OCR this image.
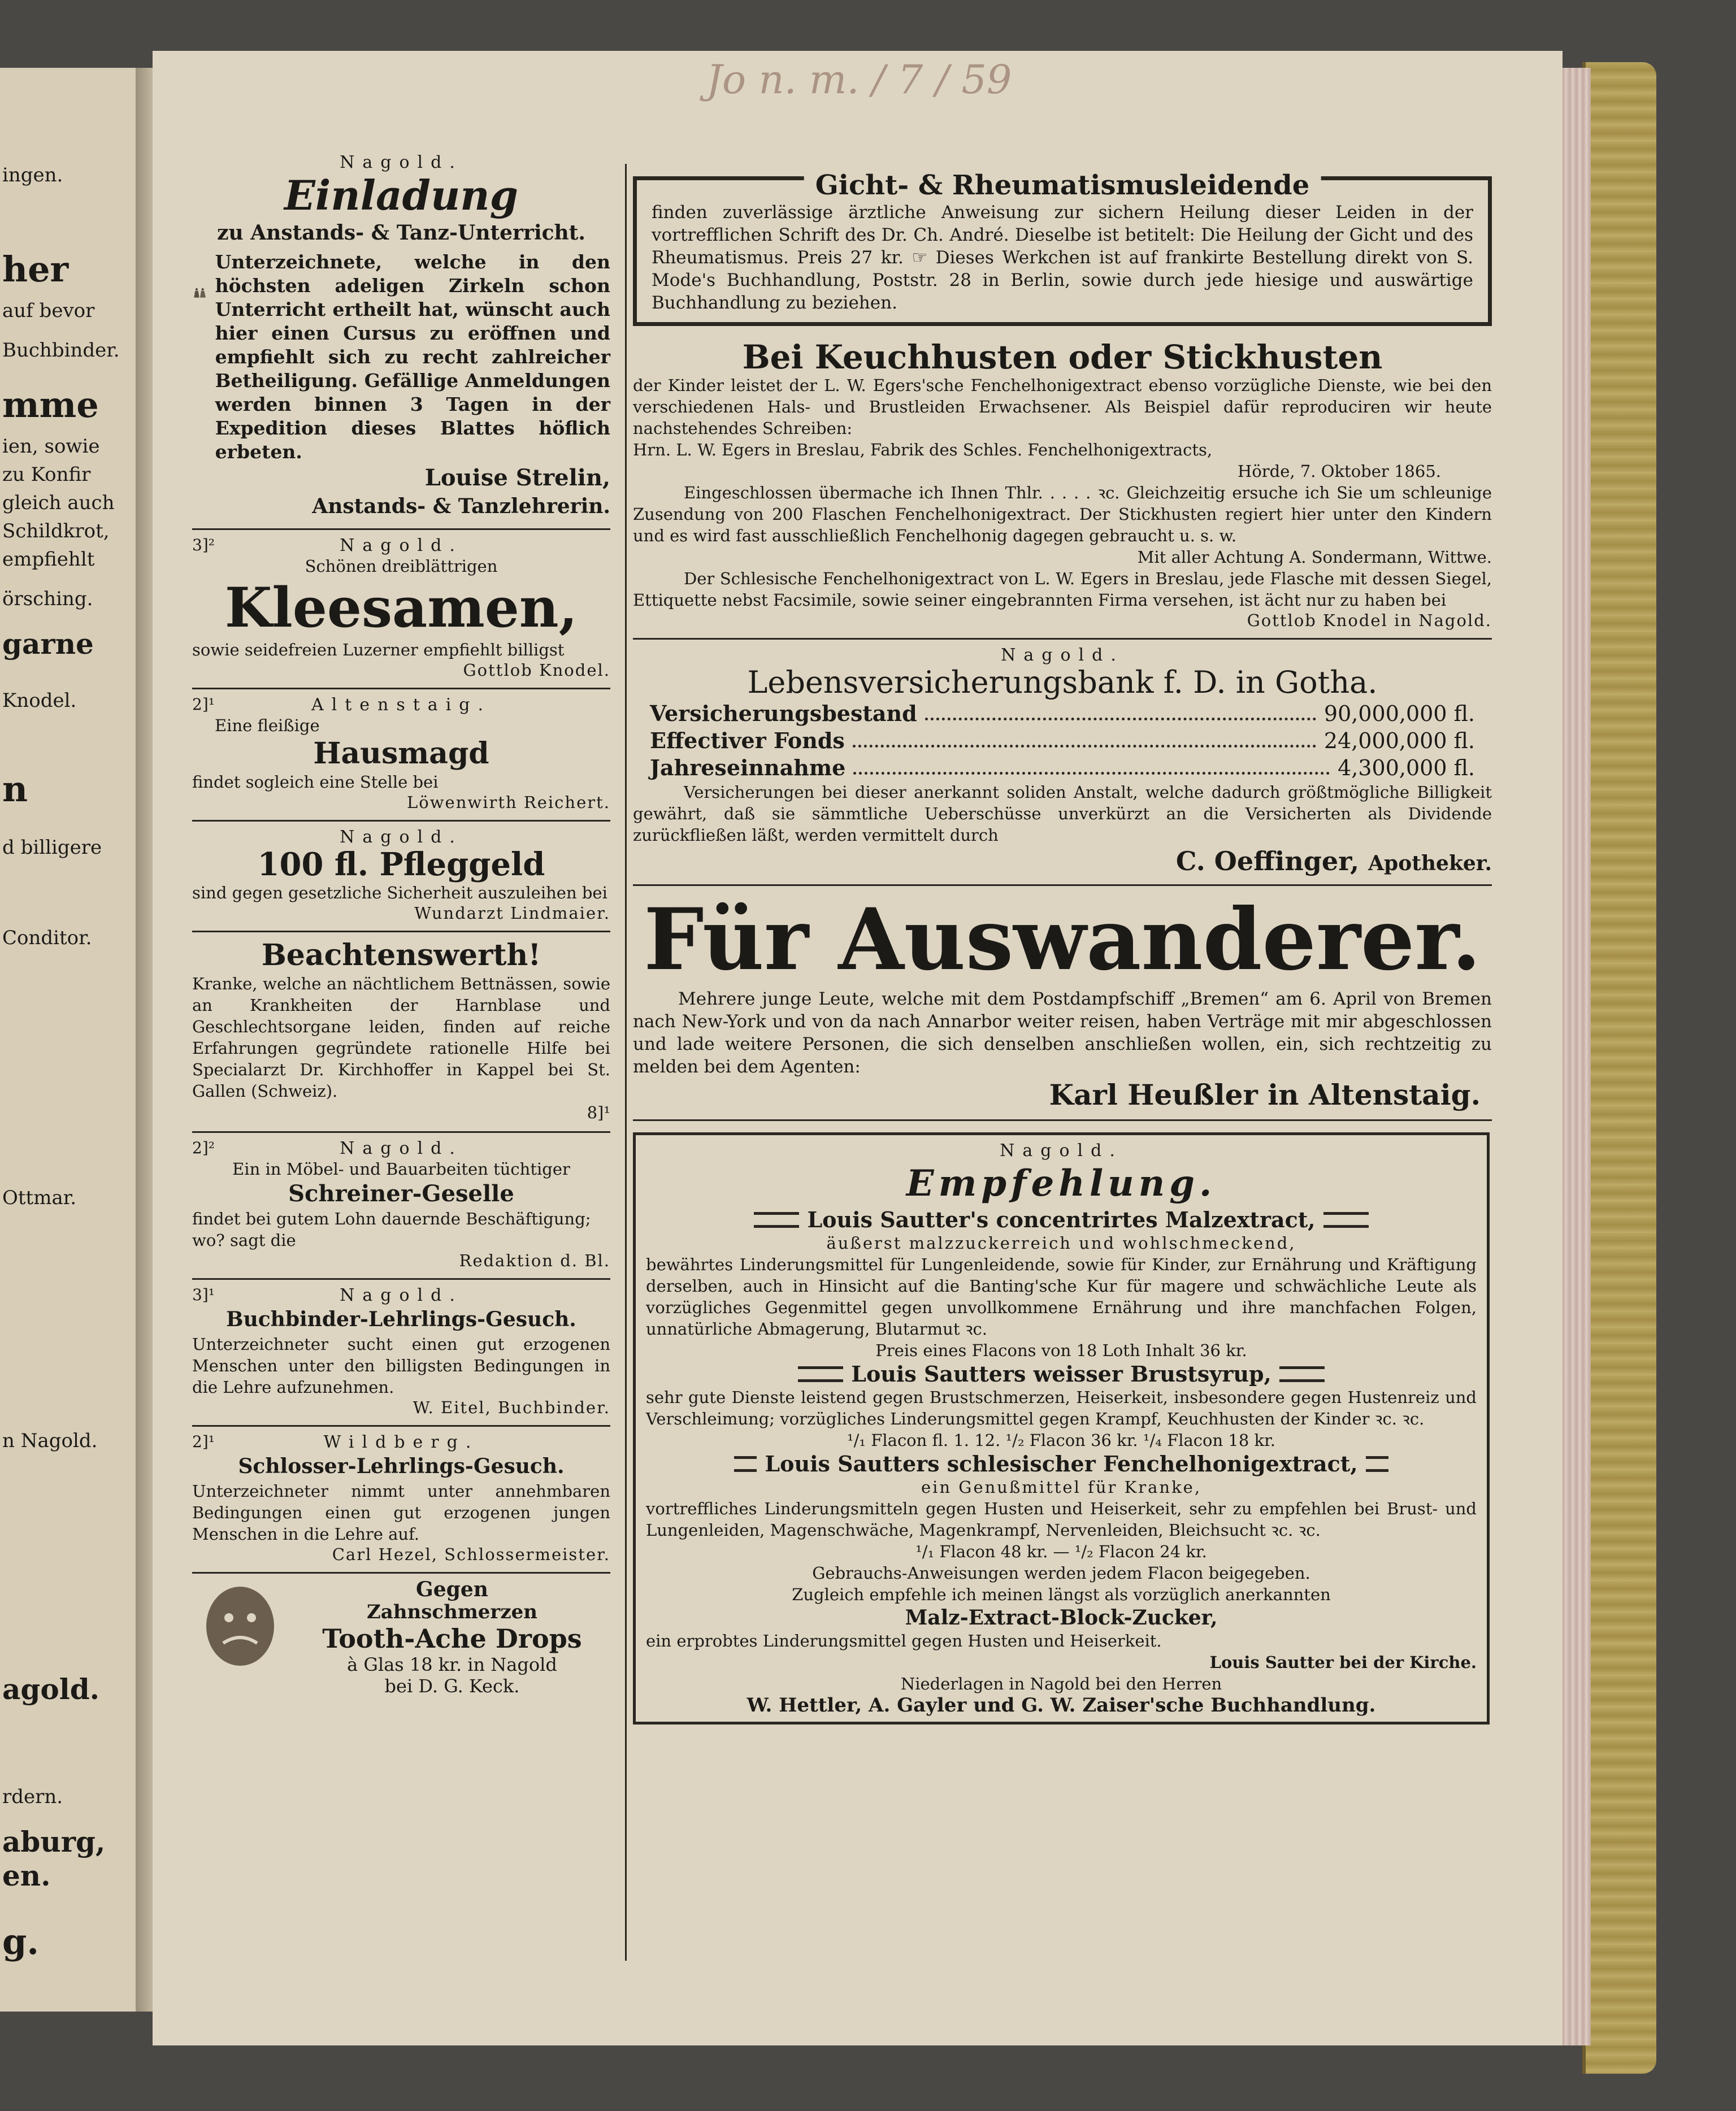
ingen.
her
auf bevor
Buchbinder.
mme
ien, sowie
zu Konfir
gleich auch
Schildkrot,
empfiehlt
örsching.
garne
Knodel.
n
d billigere
Conditor.
Ottmar.
n Nagold.
agold.
rdern.
aburg,
en.
g.
Jo n. m. / 7 / 59
Nagold.
Einladung
zu Anstands- & Tanz-Unterricht.
Unterzeichnete, welche in den höchsten adeligen Zirkeln schon Unterricht ertheilt hat, wünscht auch hier einen Cursus zu eröffnen und empfiehlt sich zu recht zahlreicher Betheiligung. Gefällige Anmeldungen werden binnen 3 Tagen in der Expedition dieses Blattes höflich erbeten.
Louise Strelin,
Anstands- & Tanzlehrerin.
3]²	Nagold.
Schönen dreiblättrigen
Kleesamen,
sowie seidefreien Luzerner empfiehlt billigst
Gottlob Knodel.
2]¹	Altenstaig.
Eine fleißige
Hausmagd
findet sogleich eine Stelle bei
Löwenwirth Reichert.
Nagold.
100 fl. Pfleggeld
sind gegen gesetzliche Sicherheit auszuleihen bei
Wundarzt Lindmaier.
Beachtenswerth!
Kranke, welche an nächtlichem Bettnässen, sowie an Krankheiten der Harnblase und Geschlechtsorgane leiden, finden auf reiche Erfahrungen gegründete rationelle Hilfe bei Specialarzt Dr. Kirchhoffer in Kappel bei St. Gallen (Schweiz).
8]¹
2]²	Nagold.
Ein in Möbel- und Bauarbeiten tüchtiger
Schreiner-Geselle
findet bei gutem Lohn dauernde Beschäftigung; wo? sagt die
Redaktion d. Bl.
3]¹	Nagold.
Buchbinder-Lehrlings-Gesuch.
Unterzeichneter sucht einen gut erzogenen Menschen unter den billigsten Bedingungen in die Lehre aufzunehmen.
W. Eitel, Buchbinder.
2]¹	Wildberg.
Schlosser-Lehrlings-Gesuch.
Unterzeichneter nimmt unter annehmbaren Bedingungen einen gut erzogenen jungen Menschen in die Lehre auf.
Carl Hezel, Schlossermeister.
Gegen
Zahnschmerzen
Tooth-Ache Drops
à Glas 18 kr. in Nagold
bei D. G. Keck.
Gicht- & Rheumatismusleidende
finden zuverlässige ärztliche Anweisung zur sichern Heilung dieser Leiden in der vortrefflichen Schrift des Dr. Ch. André. Dieselbe ist betitelt: Die Heilung der Gicht und des Rheumatismus. Preis 27 kr. ☞ Dieses Werkchen ist auf frankirte Bestellung direkt von S. Mode's Buchhandlung, Poststr. 28 in Berlin, sowie durch jede hiesige und auswärtige Buchhandlung zu beziehen.
Bei Keuchhusten oder Stickhusten
der Kinder leistet der L. W. Egers'sche Fenchelhonigextract ebenso vorzügliche Dienste, wie bei den verschiedenen Hals- und Brustleiden Erwachsener. Als Beispiel dafür reproduciren wir heute nachstehendes Schreiben:
Hrn. L. W. Egers in Breslau, Fabrik des Schles. Fenchelhonigextracts,
Hörde, 7. Oktober 1865.
Eingeschlossen übermache ich Ihnen Thlr. . . . . ꝛc. Gleichzeitig ersuche ich Sie um schleunige Zusendung von 200 Flaschen Fenchelhonigextract. Der Stickhusten regiert hier unter den Kindern und es wird fast ausschließlich Fenchelhonig dagegen gebraucht u. s. w.
Mit aller Achtung A. Sondermann, Wittwe.
Der Schlesische Fenchelhonigextract von L. W. Egers in Breslau, jede Flasche mit dessen Siegel, Ettiquette nebst Facsimile, sowie seiner eingebrannten Firma versehen, ist ächt nur zu haben bei
Gottlob Knodel in Nagold.
Nagold.
Lebensversicherungsbank f. D. in Gotha.
Versicherungsbestand	90,000,000 fl.
Effectiver Fonds	24,000,000 fl.
Jahreseinnahme	4,300,000 fl.
Versicherungen bei dieser anerkannt soliden Anstalt, welche dadurch größtmögliche Billigkeit gewährt, daß sie sämmtliche Ueberschüsse unverkürzt an die Versicherten als Dividende zurückfließen läßt, werden vermittelt durch
C. Oeffinger, Apotheker.
Für Auswanderer.
Mehrere junge Leute, welche mit dem Postdampfschiff „Bremen“ am 6. April von Bremen nach New-York und von da nach Annarbor weiter reisen, haben Verträge mit mir abgeschlossen und lade weitere Personen, die sich denselben anschließen wollen, ein, sich rechtzeitig zu melden bei dem Agenten:
Karl Heußler in Altenstaig.
Nagold.
Empfehlung.
Louis Sautter's concentrirtes Malzextract,
äußerst malzzuckerreich und wohlschmeckend,
bewährtes Linderungsmittel für Lungenleidende, sowie für Kinder, zur Ernährung und Kräftigung derselben, auch in Hinsicht auf die Banting'sche Kur für magere und schwächliche Leute als vorzügliches Gegenmittel gegen unvollkommene Ernährung und ihre manchfachen Folgen, unnatürliche Abmagerung, Blutarmut ꝛc.
Preis eines Flacons von 18 Loth Inhalt 36 kr.
Louis Sautters weisser Brustsyrup,
sehr gute Dienste leistend gegen Brustschmerzen, Heiserkeit, insbesondere gegen Hustenreiz und Verschleimung; vorzügliches Linderungsmittel gegen Krampf, Keuchhusten der Kinder ꝛc. ꝛc.
¹/₁ Flacon fl. 1. 12. ¹/₂ Flacon 36 kr. ¹/₄ Flacon 18 kr.
Louis Sautters schlesischer Fenchelhonigextract,
ein Genußmittel für Kranke,
vortreffliches Linderungsmitteln gegen Husten und Heiserkeit, sehr zu empfehlen bei Brust- und Lungenleiden, Magenschwäche, Magenkrampf, Nervenleiden, Bleichsucht ꝛc. ꝛc.
¹/₁ Flacon 48 kr. — ¹/₂ Flacon 24 kr.
Gebrauchs-Anweisungen werden jedem Flacon beigegeben.
Zugleich empfehle ich meinen längst als vorzüglich anerkannten
Malz-Extract-Block-Zucker,
ein erprobtes Linderungsmittel gegen Husten und Heiserkeit.
Louis Sautter bei der Kirche.
Niederlagen in Nagold bei den Herren
W. Hettler, A. Gayler und G. W. Zaiser'sche Buchhandlung.
